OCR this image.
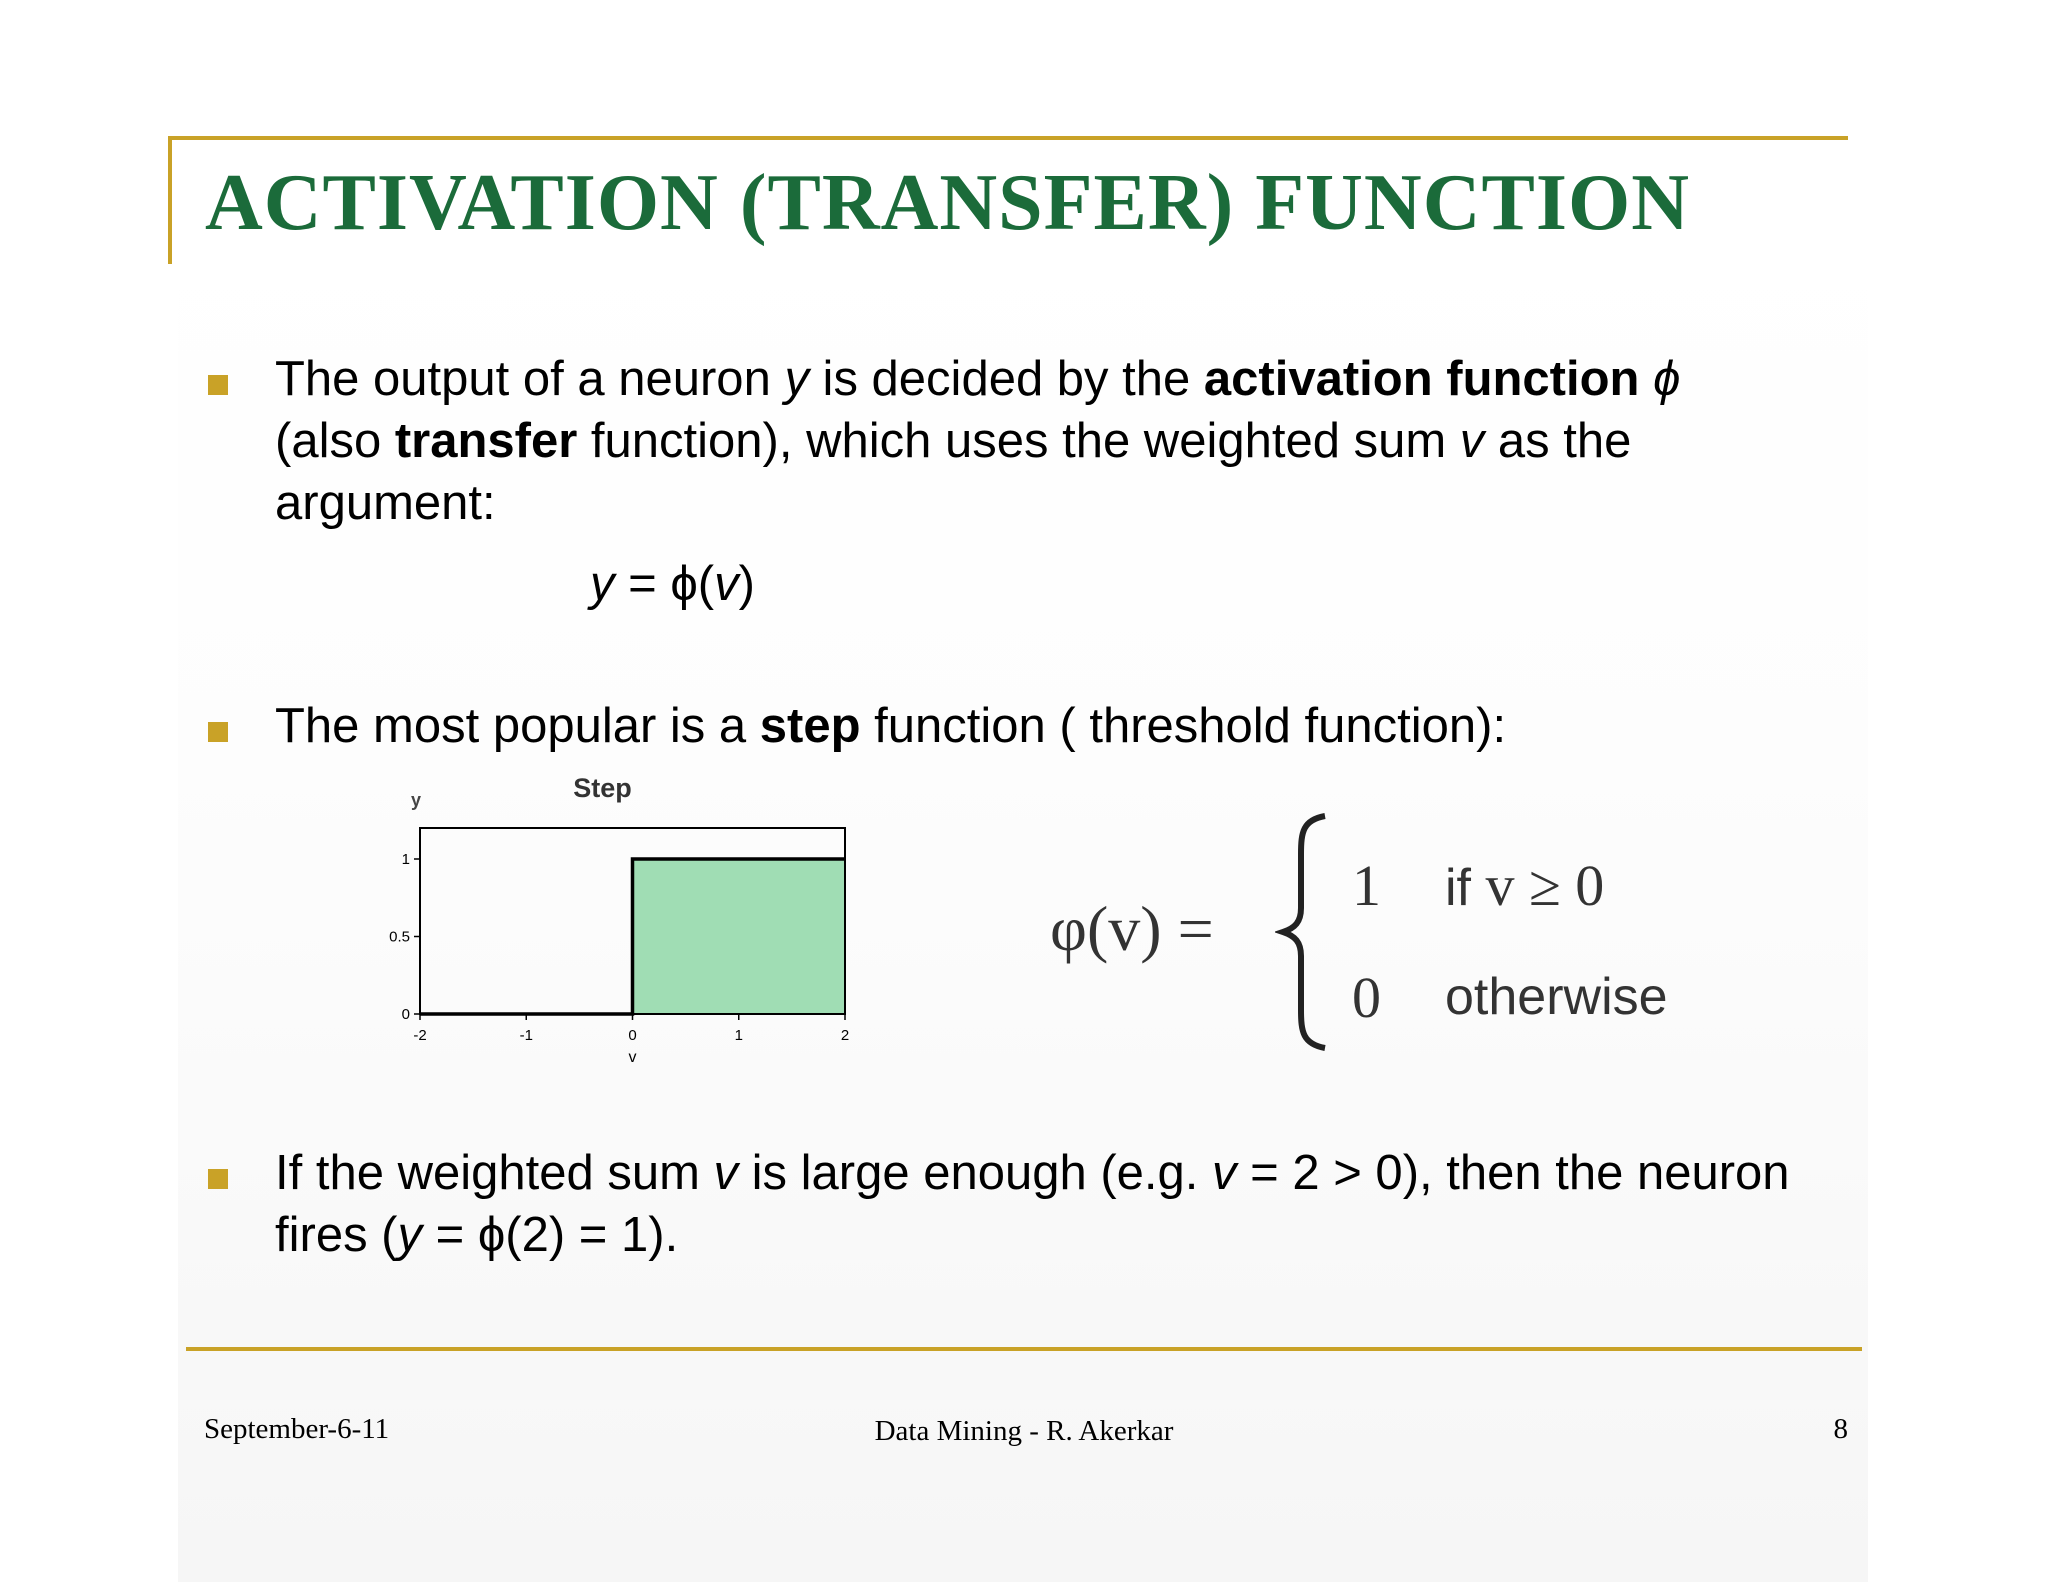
ACTIVATION (TRANSFER) FUNCTION
The output of a neuron y is decided by the activation function ϕ
(also transfer function), which uses the weighted sum v as the argument:
y = ϕ(v)
The most popular is a step function ( threshold function):
-2	-1	0	1	2
0
0.5
1
Step
v
y
φ(v) =
1 if v ≥ 0
0 otherwise
If the weighted sum v is large enough (e.g. v = 2 > 0), then the neuron fires (y = ϕ(2) = 1).
September-6-11	Data Mining - R. Akerkar	8
